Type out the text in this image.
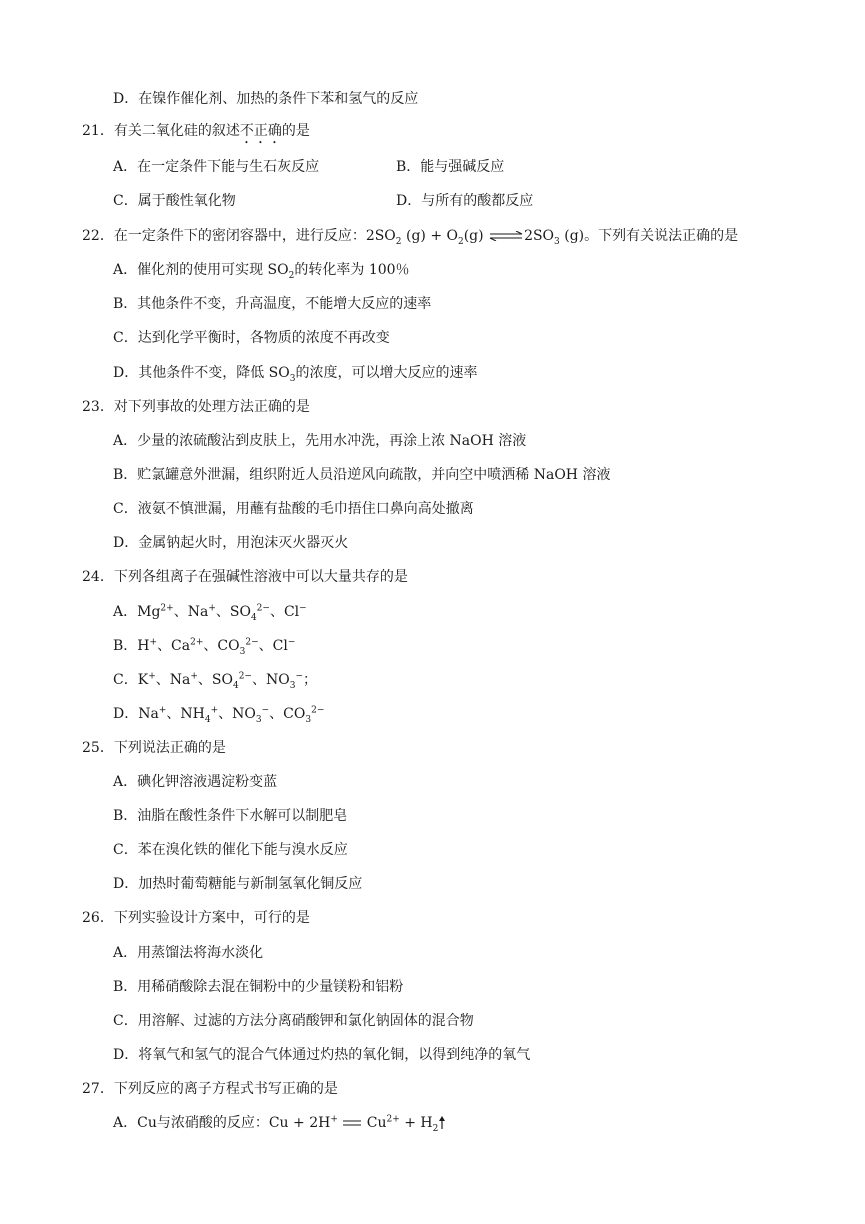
D．在镍作催化剂、加热的条件下苯和氢气的反应
21．有关二氧化硅的叙述不正确的是
A．在一定条件下能与生石灰反应	B．能与强碱反应
C．属于酸性氧化物	D．与所有的酸都反应
22．在一定条件下的密闭容器中，进行反应：$2SO_2$ $(g) + O_2(g)$ $\rightleftharpoons 2SO_3$ (g)。下列有关说法正确的是
A．催化剂的使用可实现 $SO_2$的转化率为 100％
B．其他条件不变，升高温度，不能增大反应的速率
C．达到化学平衡时，各物质的浓度不再改变
D．其他条件不变，降低 $SO_3$的浓度，可以增大反应的速率
23．对下列事故的处理方法正确的是
A．少量的浓硫酸沾到皮肤上，先用水冲洗，再涂上浓 NaOH 溶液
B．贮氯罐意外泄漏，组织附近人员沿逆风向疏散，并向空中喷洒稀 NaOH 溶液
C．液氨不慎泄漏，用蘸有盐酸的毛巾捂住口鼻向高处撤离
D．金属钠起火时，用泡沫灭火器灭火
24．下列各组离子在强碱性溶液中可以大量共存的是
A．$Mg^{2+}$、Na+、$SO_4^{2-}$、Cl−
B．H+、$Ca^{2+}$、$CO_3^{2-}$、Cl−
C．K+、Na+、$SO_4^{2-}$、$NO_3^-$；
D．Na+、$NH_4^+$、$NO_3^-$、$CO_3^{2-}$
25．下列说法正确的是
A．碘化钾溶液遇淀粉变蓝
B．油脂在酸性条件下水解可以制肥皂
C．苯在溴化铁的催化下能与溴水反应
D．加热时葡萄糖能与新制氢氧化铜反应
26．下列实验设计方案中，可行的是
A．用蒸馏法将海水淡化
B．用稀硝酸除去混在铜粉中的少量镁粉和铝粉
C．用溶解、过滤的方法分离硝酸钾和氯化钠固体的混合物
D．将氧气和氢气的混合气体通过灼热的氧化铜，以得到纯净的氧气
27．下列反应的离子方程式书写正确的是
A．Cu与浓硝酸的反应：Cu + 2H+ $Cu^{2+} + H_2$
